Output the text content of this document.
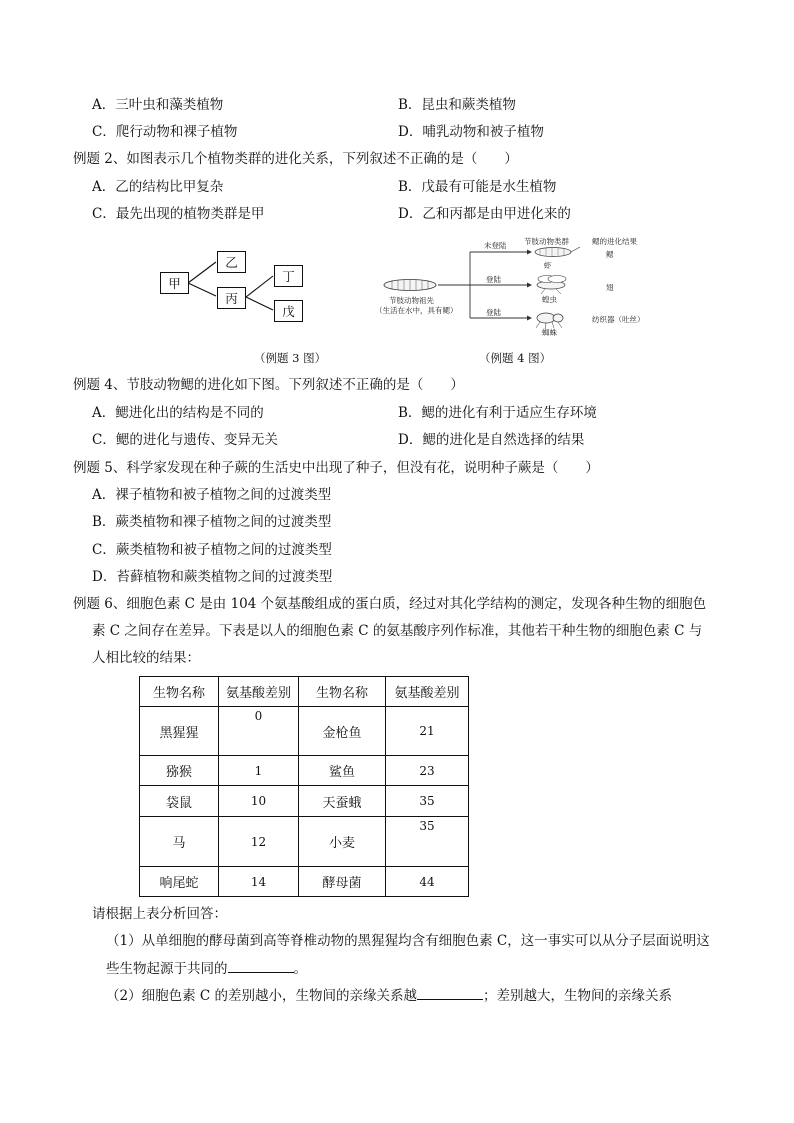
A．三叶虫和藻类植物	B．昆虫和蕨类植物
C．爬行动物和裸子植物	D．哺乳动物和被子植物
例题 2、如图表示几个植物类群的进化关系，下列叙述不正确的是（　　）
A．乙的结构比甲复杂	B．戊最有可能是水生植物
C．最先出现的植物类群是甲	D．乙和丙都是由甲进化来的
甲
乙
丙
丁
戊
（例题 3 图）
节肢动物祖先
（生活在水中，具有鳃）
未登陆
登陆
登陆
节肢动物类群	鳃的进化结果
虾
蝗虫
蜘蛛
鳃
翅
纺织器（吐丝）
（例题 4 图）
例题 4、节肢动物鳃的进化如下图。下列叙述不正确的是（　　）
A．鳃进化出的结构是不同的	B．鳃的进化有利于适应生存环境
C．鳃的进化与遗传、变异无关	D．鳃的进化是自然选择的结果
例题 5、科学家发现在种子蕨的生活史中出现了种子，但没有花，说明种子蕨是（　　）
A．裸子植物和被子植物之间的过渡类型
B．蕨类植物和裸子植物之间的过渡类型
C．蕨类植物和被子植物之间的过渡类型
D．苔藓植物和蕨类植物之间的过渡类型
例题 6、细胞色素 C 是由 104 个氨基酸组成的蛋白质，经过对其化学结构的测定，发现各种生物的细胞色
素 C 之间存在差异。下表是以人的细胞色素 C 的氨基酸序列作标准，其他若干种生物的细胞色素 C 与
人相比较的结果：
生物名称	氨基酸差别	生物名称	氨基酸差别
黑猩猩	0	金枪鱼	21
猕猴	1	鲨鱼	23
袋鼠	10	天蚕蛾	35
马	12	小麦	35
响尾蛇	14	酵母菌	44
请根据上表分析回答：
（1）从单细胞的酵母菌到高等脊椎动物的黑猩猩均含有细胞色素 C，这一事实可以从分子层面说明这
些生物起源于共同的	。
（2）细胞色素 C 的差别越小，生物间的亲缘关系越	；差别越大，生物间的亲缘关系
